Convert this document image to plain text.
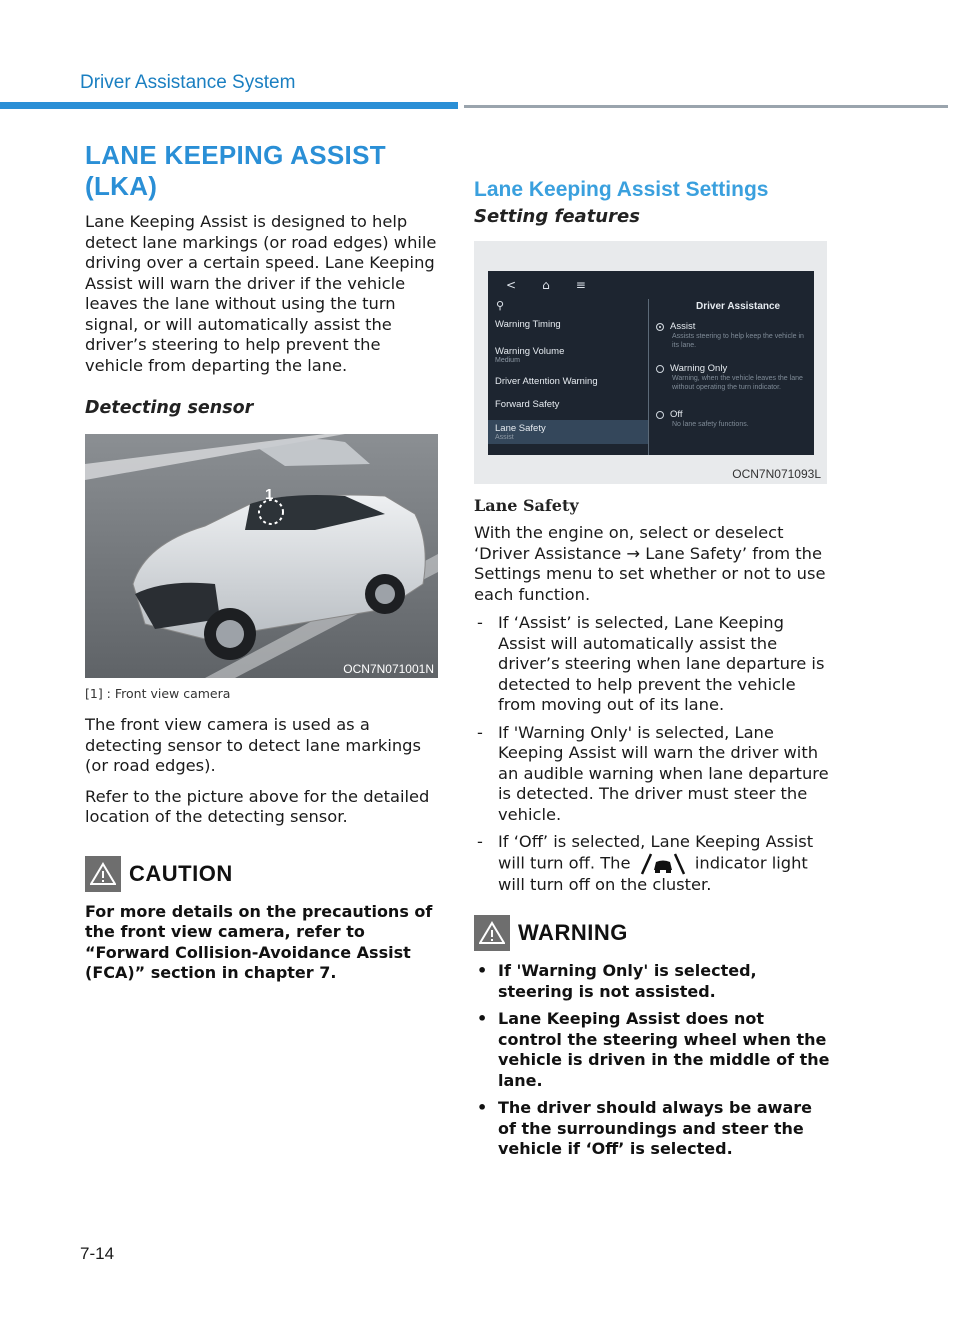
Driver Assistance System
LANE KEEPING ASSIST (LKA)

Lane Keeping Assist is designed to help detect lane markings (or road edges) while driving over a certain speed. Lane Keeping Assist will warn the driver if the vehicle leaves the lane without using the turn signal, or will automatically assist the driver’s steering to help prevent the vehicle from departing the lane.

Detecting sensor
1
OCN7N071001N
[1] : Front view camera

The front view camera is used as a detecting sensor to detect lane markings (or road edges).

Refer to the picture above for the detailed location of the detecting sensor.

CAUTION

For more details on the precautions of the front view camera, refer to “Forward Collision-Avoidance Assist (FCA)” section in chapter 7.

Lane Keeping Assist Settings
Setting features
< ⌂ ≡
⚲
Warning Timing
Warning Volume
Medium
Driver Attention Warning
Forward Safety
Lane Safety
Assist
Driver Assistance
Assist
Assists steering to help keep the vehicle in its lane.
Warning Only
Warning, when the vehicle leaves the lane without operating the turn indicator.
Off
No lane safety functions.
OCN7N071093L
Lane Safety

With the engine on, select or deselect ‘Driver Assistance → Lane Safety’ from the Settings menu to set whether or not to use each function.

- If ‘Assist’ is selected, Lane Keeping Assist will automatically assist the driver’s steering when lane departure is detected to help prevent the vehicle from moving out of its lane.
- If 'Warning Only' is selected, Lane Keeping Assist will warn the driver with an audible warning when lane departure is detected. The driver must steer the vehicle.
- If ‘Off’ is selected, Lane Keeping Assist will turn off. The	indicator light will turn off on the cluster.
WARNING
• If 'Warning Only' is selected, steering is not assisted.
• Lane Keeping Assist does not control the steering wheel when the vehicle is driven in the middle of the lane.
• The driver should always be aware of the surroundings and steer the vehicle if ‘Off’ is selected.
7-14
